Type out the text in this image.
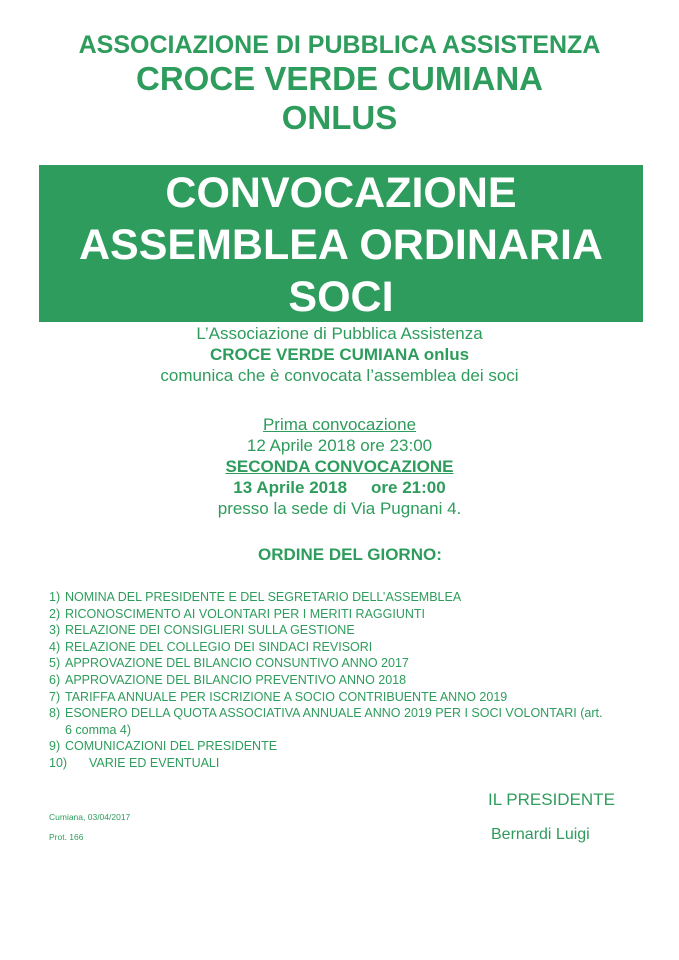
ASSOCIAZIONE DI PUBBLICA ASSISTENZA
CROCE VERDE CUMIANA
ONLUS
CONVOCAZIONE
ASSEMBLEA ORDINARIA
SOCI
L’Associazione di Pubblica Assistenza
CROCE VERDE CUMIANA onlus
comunica che è convocata l’assemblea dei soci
Prima convocazione
12 Aprile 2018 ore 23:00
SECONDA CONVOCAZIONE
13 Aprile 2018 ore 21:00
presso la sede di Via Pugnani 4.
ORDINE DEL GIORNO:
1) NOMINA DEL PRESIDENTE E DEL SEGRETARIO DELL’ASSEMBLEA
2) RICONOSCIMENTO AI VOLONTARI PER I MERITI RAGGIUNTI
3) RELAZIONE DEI CONSIGLIERI SULLA GESTIONE
4) RELAZIONE DEL COLLEGIO DEI SINDACI REVISORI
5) APPROVAZIONE DEL BILANCIO CONSUNTIVO ANNO 2017
6) APPROVAZIONE DEL BILANCIO PREVENTIVO ANNO 2018
7) TARIFFA ANNUALE PER ISCRIZIONE A SOCIO CONTRIBUENTE ANNO 2019
8) ESONERO DELLA QUOTA ASSOCIATIVA ANNUALE ANNO 2019 PER I SOCI VOLONTARI (art. 6 comma 4)
9) COMUNICAZIONI DEL PRESIDENTE
10) VARIE ED EVENTUALI
Cumiana, 03/04/2017
Prot. 166
IL PRESIDENTE
Bernardi Luigi
